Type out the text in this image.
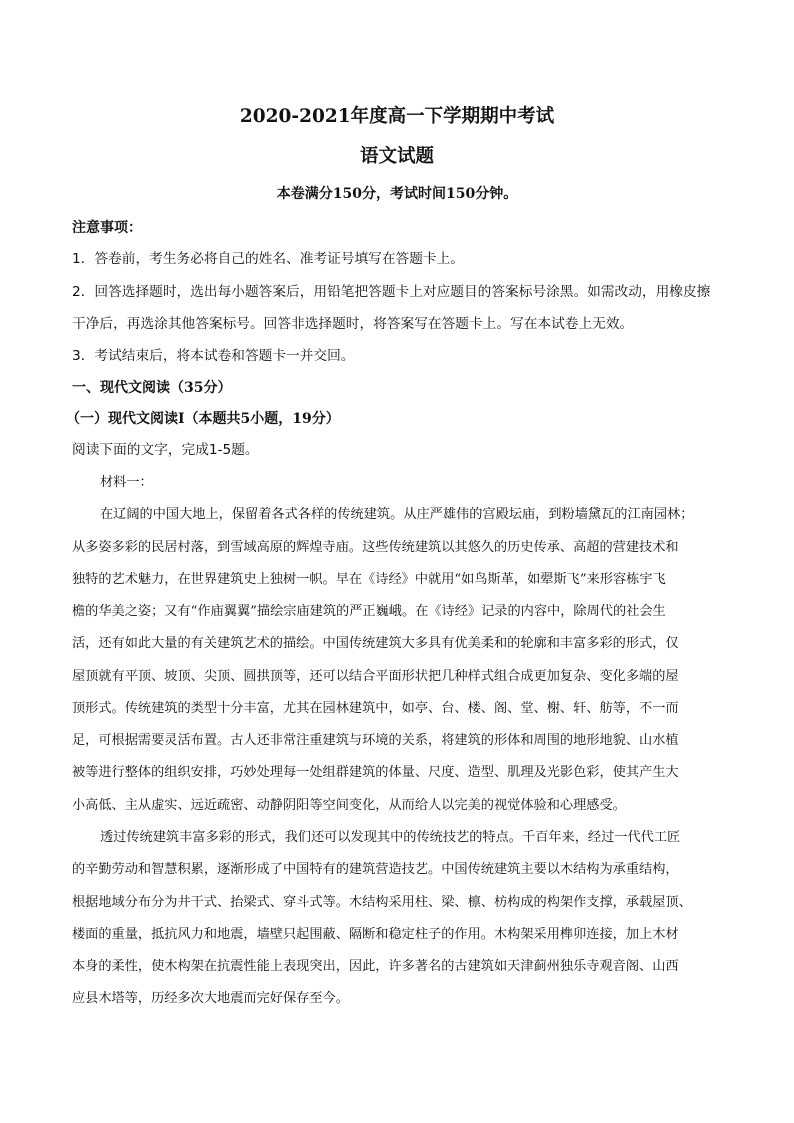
2020-2021年度高一下学期期中考试
语文试题
本卷满分150分，考试时间150分钟。
注意事项：
1．答卷前，考生务必将自己的姓名、准考证号填写在答题卡上。
2．回答选择题时，选出每小题答案后，用铅笔把答题卡上对应题目的答案标号涂黑。如需改动，用橡皮擦
干净后，再选涂其他答案标号。回答非选择题时，将答案写在答题卡上。写在本试卷上无效。
3．考试结束后，将本试卷和答题卡一并交回。
一、现代文阅读（35分）
（一）现代文阅读Ⅰ（本题共5小题，19分）
阅读下面的文字，完成1-5题。
材料一：
在辽阔的中国大地上，保留着各式各样的传统建筑。从庄严雄伟的宫殿坛庙，到粉墙黛瓦的江南园林；
从多姿多彩的民居村落，到雪域高原的辉煌寺庙。这些传统建筑以其悠久的历史传承、高超的营建技术和
独特的艺术魅力，在世界建筑史上独树一帜。早在《诗经》中就用“如鸟斯革，如翚斯飞”来形容栋宇飞
檐的华美之姿；又有“作庙翼翼”描绘宗庙建筑的严正巍峨。在《诗经》记录的内容中，除周代的社会生
活，还有如此大量的有关建筑艺术的描绘。中国传统建筑大多具有优美柔和的轮廓和丰富多彩的形式，仅
屋顶就有平顶、坡顶、尖顶、圆拱顶等，还可以结合平面形状把几种样式组合成更加复杂、变化多端的屋
顶形式。传统建筑的类型十分丰富，尤其在园林建筑中，如亭、台、楼、阁、堂、榭、轩、舫等，不一而
足，可根据需要灵活布置。古人还非常注重建筑与环境的关系，将建筑的形体和周围的地形地貌、山水植
被等进行整体的组织安排，巧妙处理每一处组群建筑的体量、尺度、造型、肌理及光影色彩，使其产生大
小高低、主从虚实、远近疏密、动静阴阳等空间变化，从而给人以完美的视觉体验和心理感受。
透过传统建筑丰富多彩的形式，我们还可以发现其中的传统技艺的特点。千百年来，经过一代代工匠
的辛勤劳动和智慧积累，逐渐形成了中国特有的建筑营造技艺。中国传统建筑主要以木结构为承重结构，
根据地域分布分为井干式、抬梁式、穿斗式等。木结构采用柱、梁、檩、枋构成的构架作支撑，承载屋顶、
楼面的重量，抵抗风力和地震，墙壁只起围蔽、隔断和稳定柱子的作用。木构架采用榫卯连接，加上木材
本身的柔性，使木构架在抗震性能上表现突出，因此，许多著名的古建筑如天津蓟州独乐寺观音阁、山西
应县木塔等，历经多次大地震而完好保存至今。
